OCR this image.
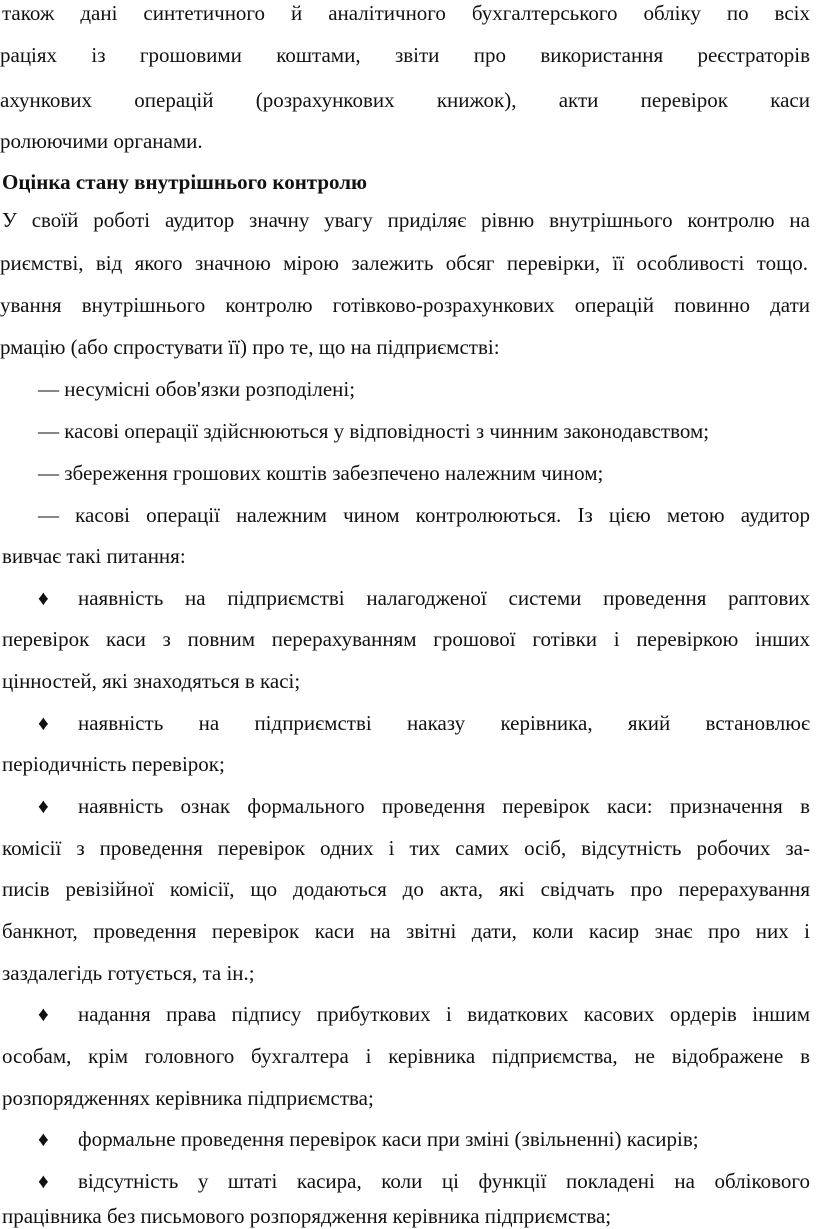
також дані синтетичного й аналітичного бухгалтерського обліку по всіх
раціях із грошовими коштами, звіти про використання реєстраторів
ахункових операцій (розрахункових книжок), акти перевірок каси
ролюючими органами.
Оцінка стану внутрішнього контролю
У своїй роботі аудитор значну увагу приділяє рівню внутрішнього контролю на
риємстві, від якого значною мірою залежить обсяг перевірки, її особливості тощо.
ування внутрішнього контролю готівково-розрахункових операцій повинно дати
рмацію (або спростувати її) про те, що на підприємстві:
— несумісні обов'язки розподілені;
— касові операції здійснюються у відповідності з чинним законодавством;
— збереження грошових коштів забезпечено належним чином;
— касові операції належним чином контролюються. Із цією метою аудитор
вивчає такі питання:
♦	наявність на підприємстві налагодженої системи проведення раптових
перевірок каси з повним перерахуванням грошової готівки і перевіркою інших
цінностей, які знаходяться в касі;
♦	наявність на підприємстві наказу керівника, який встановлює
періодичність перевірок;
♦	наявність ознак формального проведення перевірок каси: призначення в
комісії з проведення перевірок одних і тих самих осіб, відсутність робочих за-
писів ревізійної комісії, що додаються до акта, які свідчать про перерахування
банкнот, проведення перевірок каси на звітні дати, коли касир знає про них і
заздалегідь готується, та ін.;
♦	надання права підпису прибуткових і видаткових касових ордерів іншим
особам, крім головного бухгалтера і керівника підприємства, не відображене в
розпорядженнях керівника підприємства;
♦	формальне проведення перевірок каси при зміні (звільненні) касирів;
♦	відсутність у штаті касира, коли ці функції покладені на облікового
працівника без письмового розпорядження керівника підприємства;
